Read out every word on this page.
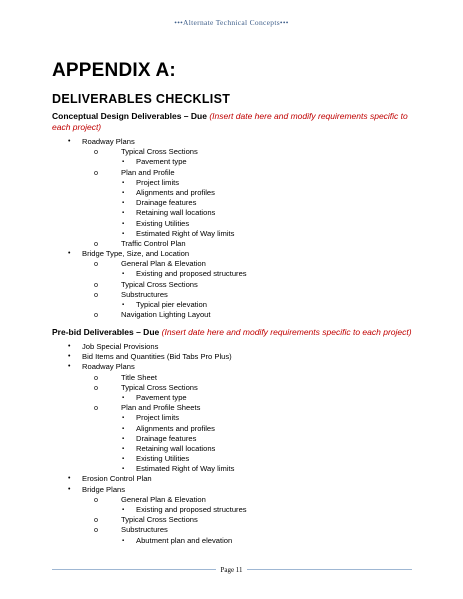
•••Alternate Technical Concepts•••
APPENDIX A:
DELIVERABLES CHECKLIST
Conceptual Design Deliverables – Due (Insert date here and modify requirements specific to each project)
• Roadway Plans
o	Typical Cross Sections
▪ Pavement type
o	Plan and Profile
▪ Project limits
▪ Alignments and profiles
▪ Drainage features
▪ Retaining wall locations
▪ Existing Utilities
▪ Estimated Right of Way limits
o	Traffic Control Plan
• Bridge Type, Size, and Location
o	General Plan & Elevation
▪ Existing and proposed structures
o	Typical Cross Sections
o	Substructures
▪ Typical pier elevation
o	Navigation Lighting Layout
Pre-bid Deliverables – Due (Insert date here and modify requirements specific to each project)
• Job Special Provisions
• Bid Items and Quantities (Bid Tabs Pro Plus)
• Roadway Plans
o	Title Sheet
o	Typical Cross Sections
▪ Pavement type
o	Plan and Profile Sheets
▪ Project limits
▪ Alignments and profiles
▪ Drainage features
▪ Retaining wall locations
▪ Existing Utilities
▪ Estimated Right of Way limits
• Erosion Control Plan
• Bridge Plans
o	General Plan & Elevation
▪ Existing and proposed structures
o	Typical Cross Sections
o	Substructures
▪ Abutment plan and elevation
Page 11
